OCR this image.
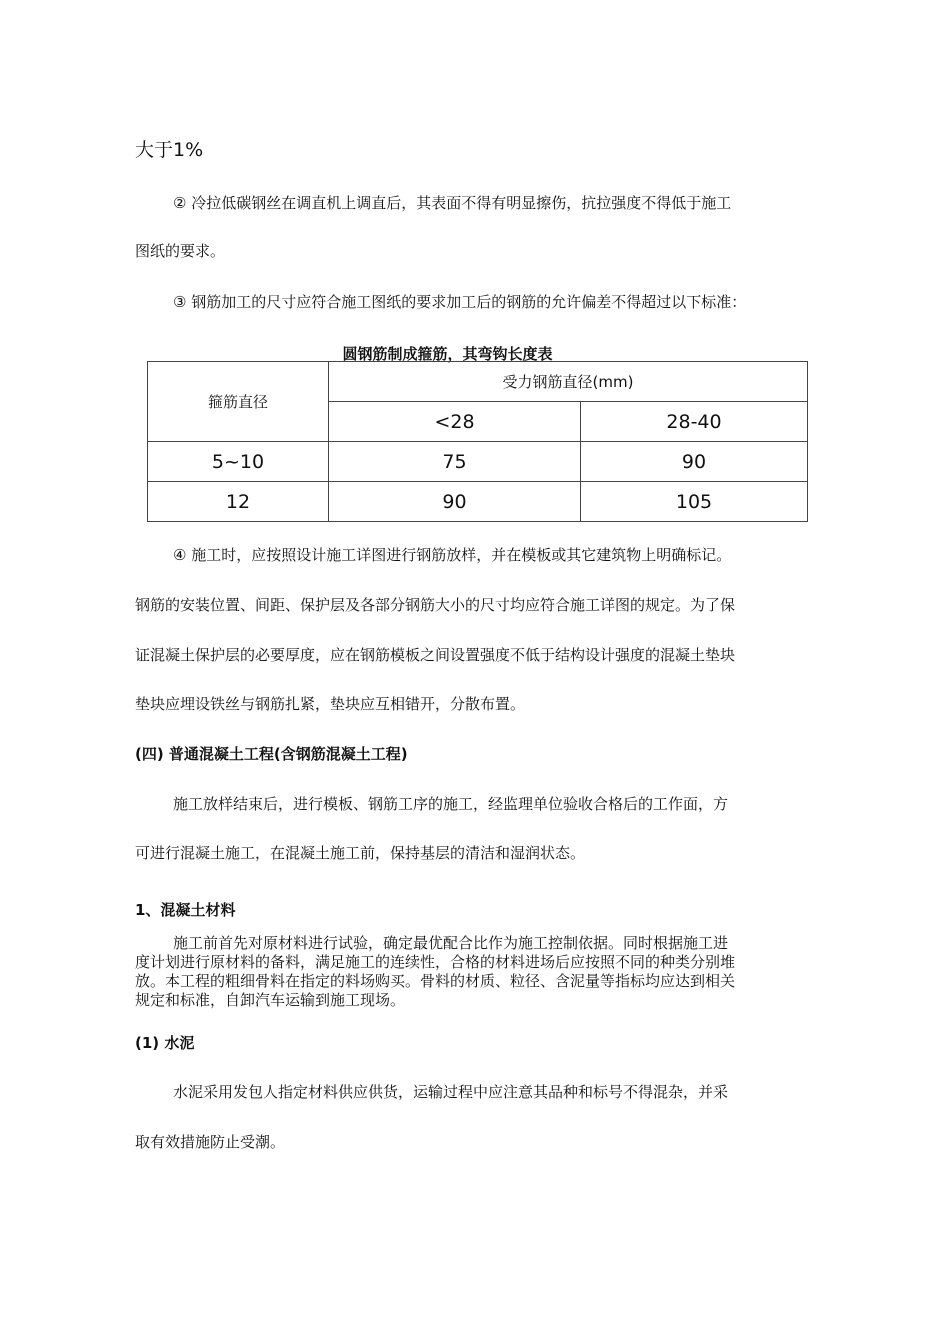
大于1%
② 冷拉低碳钢丝在调直机上调直后，其表面不得有明显擦伤，抗拉强度不得低于施工
图纸的要求。
③ 钢筋加工的尺寸应符合施工图纸的要求加工后的钢筋的允许偏差不得超过以下标准：
圆钢筋制成箍筋，其弯钩长度表
箍筋直径	受力钢筋直径(mm)	
	<28	28-40
5~10	75	90
12	90	105
④ 施工时，应按照设计施工详图进行钢筋放样，并在模板或其它建筑物上明确标记。
钢筋的安装位置、间距、保护层及各部分钢筋大小的尺寸均应符合施工详图的规定。为了保
证混凝土保护层的必要厚度，应在钢筋模板之间设置强度不低于结构设计强度的混凝土垫块
垫块应埋设铁丝与钢筋扎紧，垫块应互相错开，分散布置。
(四) 普通混凝土工程(含钢筋混凝土工程)
施工放样结束后，进行模板、钢筋工序的施工，经监理单位验收合格后的工作面，方
可进行混凝土施工，在混凝土施工前，保持基层的清洁和湿润状态。
1、混凝土材料
施工前首先对原材料进行试验，确定最优配合比作为施工控制依据。同时根据施工进
度计划进行原材料的备料，满足施工的连续性，合格的材料进场后应按照不同的种类分别堆
放。本工程的粗细骨料在指定的料场购买。骨料的材质、粒径、含泥量等指标均应达到相关
规定和标准，自卸汽车运输到施工现场。
(1) 水泥
水泥采用发包人指定材料供应供货，运输过程中应注意其品种和标号不得混杂，并采
取有效措施防止受潮。
